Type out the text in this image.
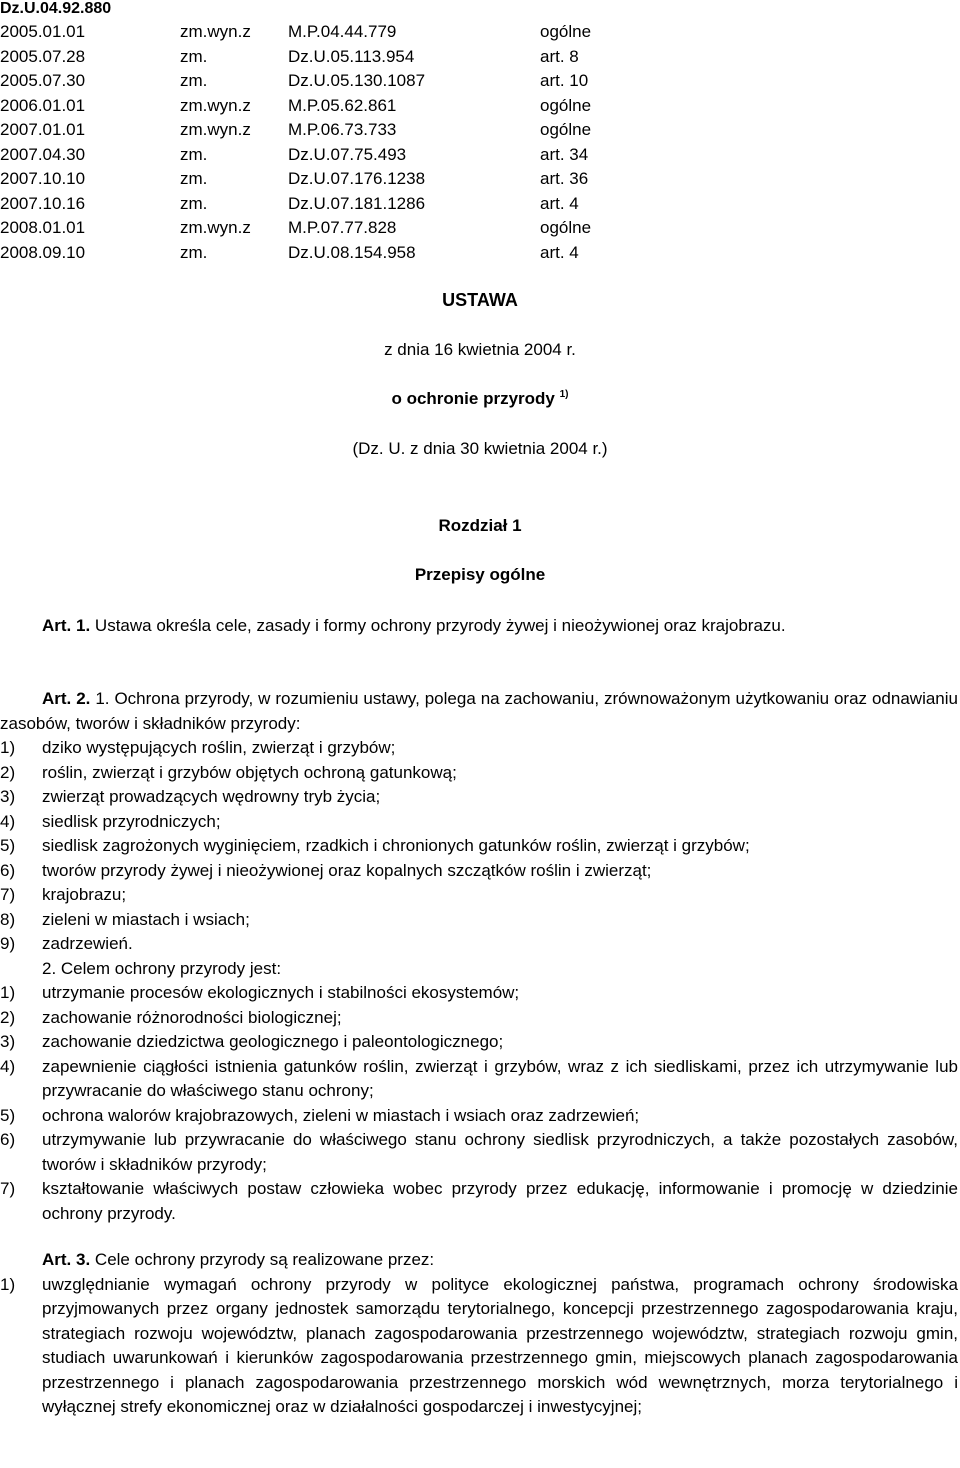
Dz.U.04.92.880
2005.01.01	zm.wyn.z M.P.04.44.779	ogólne
2005.07.28	zm.	Dz.U.05.113.954	art. 8
2005.07.30	zm.	Dz.U.05.130.1087	art. 10
2006.01.01	zm.wyn.z M.P.05.62.861	ogólne
2007.01.01	zm.wyn.z M.P.06.73.733	ogólne
2007.04.30	zm.	Dz.U.07.75.493	art. 34
2007.10.10	zm.	Dz.U.07.176.1238	art. 36
2007.10.16	zm.	Dz.U.07.181.1286	art. 4
2008.01.01	zm.wyn.z M.P.07.77.828	ogólne
2008.09.10	zm.	Dz.U.08.154.958	art. 4
USTAWA
z dnia 16 kwietnia 2004 r.
o ochronie przyrody $^{1)}$
(Dz. U. z dnia 30 kwietnia 2004 r.)
Rozdział 1
Przepisy ogólne
Art. 1. Ustawa określa cele, zasady i formy ochrony przyrody żywej i nieożywionej oraz krajobrazu.
Art. 2. 1. Ochrona przyrody, w rozumieniu ustawy, polega na zachowaniu, zrównoważonym użytkowaniu oraz odnawianiu zasobów, tworów i składników przyrody:
1)	dziko występujących roślin, zwierząt i grzybów;
2)	roślin, zwierząt i grzybów objętych ochroną gatunkową;
3)	zwierząt prowadzących wędrowny tryb życia;
4)	siedlisk przyrodniczych;
5)	siedlisk zagrożonych wyginięciem, rzadkich i chronionych gatunków roślin, zwierząt i grzybów;
6)	tworów przyrody żywej i nieożywionej oraz kopalnych szczątków roślin i zwierząt;
7)	krajobrazu;
8)	zieleni w miastach i wsiach;
9)	zadrzewień.
2. Celem ochrony przyrody jest:
1)	utrzymanie procesów ekologicznych i stabilności ekosystemów;
2)	zachowanie różnorodności biologicznej;
3)	zachowanie dziedzictwa geologicznego i paleontologicznego;
4)	zapewnienie ciągłości istnienia gatunków roślin, zwierząt i grzybów, wraz z ich siedliskami, przez ich utrzymywanie lub przywracanie do właściwego stanu ochrony;
5)	ochrona walorów krajobrazowych, zieleni w miastach i wsiach oraz zadrzewień;
6)	utrzymywanie lub przywracanie do właściwego stanu ochrony siedlisk przyrodniczych, a także pozostałych zasobów, tworów i składników przyrody;
7)	kształtowanie właściwych postaw człowieka wobec przyrody przez edukację, informowanie i promocję w dziedzinie ochrony przyrody.
Art. 3. Cele ochrony przyrody są realizowane przez:
1)	uwzględnianie wymagań ochrony przyrody w polityce ekologicznej państwa, programach ochrony środowiska przyjmowanych przez organy jednostek samorządu terytorialnego, koncepcji przestrzennego zagospodarowania kraju, strategiach rozwoju województw, planach zagospodarowania przestrzennego województw, strategiach rozwoju gmin, studiach uwarunkowań i kierunków zagospodarowania przestrzennego gmin, miejscowych planach zagospodarowania przestrzennego i planach zagospodarowania przestrzennego morskich wód wewnętrznych, morza terytorialnego i wyłącznej strefy ekonomicznej oraz w działalności gospodarczej i inwestycyjnej;
